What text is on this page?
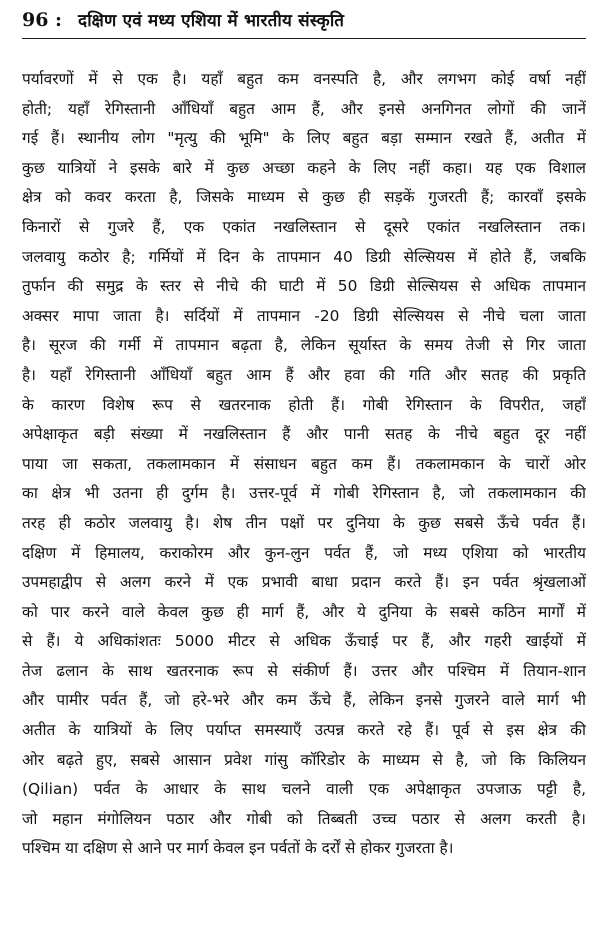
96 : दक्षिण एवं मध्य एशिया में भारतीय संस्कृति
पर्यावरणों में से एक है। यहाँ बहुत कम वनस्पति है, और लगभग कोई वर्षा नहीं
होती; यहाँ रेगिस्तानी आँधियाँ बहुत आम हैं, और इनसे अनगिनत लोगों की जानें
गई हैं। स्थानीय लोग "मृत्यु की भूमि" के लिए बहुत बड़ा सम्मान रखते हैं, अतीत में
कुछ यात्रियों ने इसके बारे में कुछ अच्छा कहने के लिए नहीं कहा। यह एक विशाल
क्षेत्र को कवर करता है, जिसके माध्यम से कुछ ही सड़कें गुजरती हैं; कारवाँ इसके
किनारों से गुजरे हैं, एक एकांत नखलिस्तान से दूसरे एकांत नखलिस्तान तक।
जलवायु कठोर है; गर्मियों में दिन के तापमान 40 डिग्री सेल्सियस में होते हैं, जबकि
तुर्फान की समुद्र के स्तर से नीचे की घाटी में 50 डिग्री सेल्सियस से अधिक तापमान
अक्सर मापा जाता है। सर्दियों में तापमान -20 डिग्री सेल्सियस से नीचे चला जाता
है। सूरज की गर्मी में तापमान बढ़ता है, लेकिन सूर्यास्त के समय तेजी से गिर जाता
है। यहाँ रेगिस्तानी आँधियाँ बहुत आम हैं और हवा की गति और सतह की प्रकृति
के कारण विशेष रूप से खतरनाक होती हैं। गोबी रेगिस्तान के विपरीत, जहाँ
अपेक्षाकृत बड़ी संख्या में नखलिस्तान हैं और पानी सतह के नीचे बहुत दूर नहीं
पाया जा सकता, तकलामकान में संसाधन बहुत कम हैं। तकलामकान के चारों ओर
का क्षेत्र भी उतना ही दुर्गम है। उत्तर-पूर्व में गोबी रेगिस्तान है, जो तकलामकान की
तरह ही कठोर जलवायु है। शेष तीन पक्षों पर दुनिया के कुछ सबसे ऊँचे पर्वत हैं।
दक्षिण में हिमालय, कराकोरम और कुन-लुन पर्वत हैं, जो मध्य एशिया को भारतीय
उपमहाद्वीप से अलग करने में एक प्रभावी बाधा प्रदान करते हैं। इन पर्वत श्रृंखलाओं
को पार करने वाले केवल कुछ ही मार्ग हैं, और ये दुनिया के सबसे कठिन मार्गों में
से हैं। ये अधिकांशतः 5000 मीटर से अधिक ऊँचाई पर हैं, और गहरी खाईयों में
तेज ढलान के साथ खतरनाक रूप से संकीर्ण हैं। उत्तर और पश्चिम में तियान-शान
और पामीर पर्वत हैं, जो हरे-भरे और कम ऊँचे हैं, लेकिन इनसे गुजरने वाले मार्ग भी
अतीत के यात्रियों के लिए पर्याप्त समस्याएँ उत्पन्न करते रहे हैं। पूर्व से इस क्षेत्र की
ओर बढ़ते हुए, सबसे आसान प्रवेश गांसु कॉरिडोर के माध्यम से है, जो कि किलियन
(Qilian) पर्वत के आधार के साथ चलने वाली एक अपेक्षाकृत उपजाऊ पट्टी है,
जो महान मंगोलियन पठार और गोबी को तिब्बती उच्च पठार से अलग करती है।
पश्चिम या दक्षिण से आने पर मार्ग केवल इन पर्वतों के दर्रों से होकर गुजरता है।
